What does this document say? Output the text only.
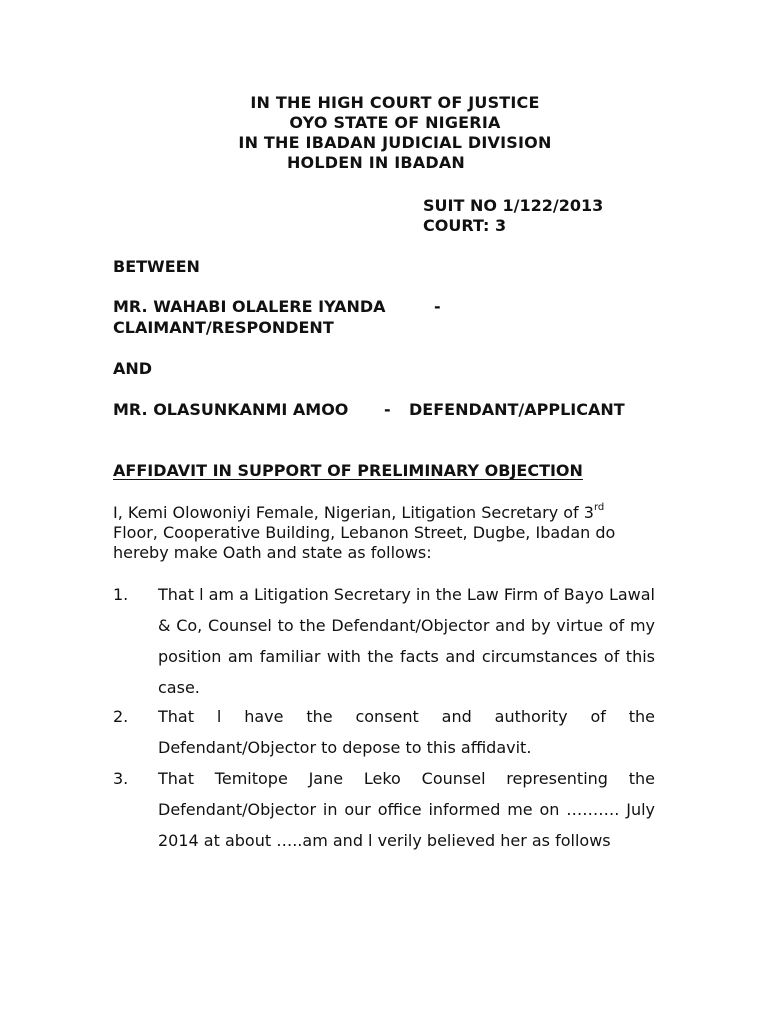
IN THE HIGH COURT OF JUSTICE
OYO STATE OF NIGERIA
IN THE IBADAN JUDICIAL DIVISION
HOLDEN IN IBADAN
SUIT NO 1/122/2013
COURT: 3
BETWEEN
MR. WAHABI OLALERE IYANDA	-
CLAIMANT/RESPONDENT
AND
MR. OLASUNKANMI AMOO - DEFENDANT/APPLICANT
AFFIDAVIT IN SUPPORT OF PRELIMINARY OBJECTION
I, Kemi Olowoniyi Female, Nigerian, Litigation Secretary of 3rd Floor, Cooperative Building, Lebanon Street, Dugbe, Ibadan do hereby make Oath and state as follows:
1.	That l am a Litigation Secretary in the Law Firm of Bayo Lawal & Co, Counsel to the Defendant/Objector and by virtue of my position am familiar with the facts and circumstances of this case.
2.	That l have the consent and authority of the Defendant/Objector to depose to this affidavit.
3.	That Temitope Jane Leko Counsel representing the Defendant/Objector in our office informed me on ………. July 2014 at about …..am and l verily believed her as follows
